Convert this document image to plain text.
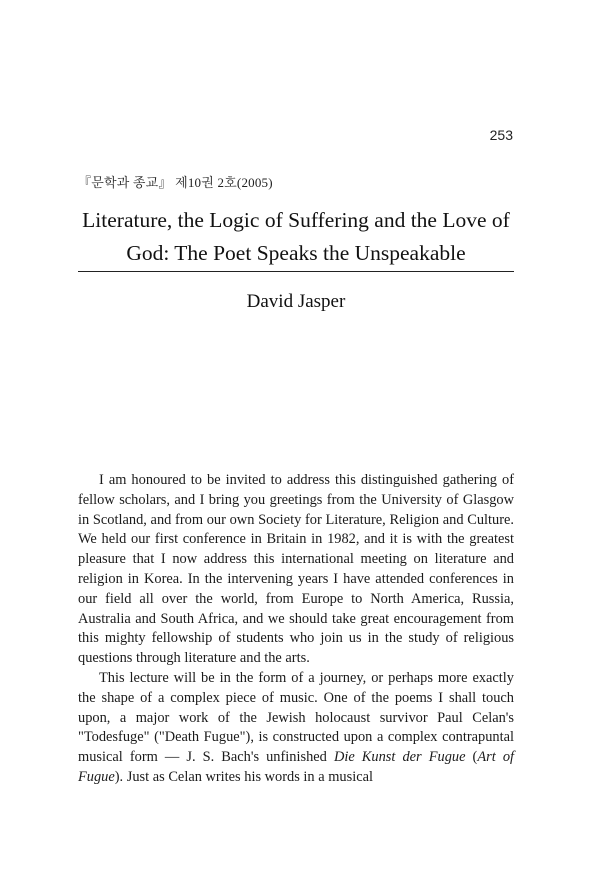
253
『문학과 종교』 제10권 2호(2005)
Literature, the Logic of Suffering and the Love of God: The Poet Speaks the Unspeakable
David Jasper

I am honoured to be invited to address this distinguished gathering of fellow scholars, and I bring you greetings from the University of Glasgow in Scotland, and from our own Society for Literature, Religion and Culture. We held our first conference in Britain in 1982, and it is with the greatest pleasure that I now address this international meeting on literature and religion in Korea. In the intervening years I have attended conferences in our field all over the world, from Europe to North America, Russia, Australia and South Africa, and we should take great encouragement from this mighty fellowship of students who join us in the study of religious questions through literature and the arts.

This lecture will be in the form of a journey, or perhaps more exactly the shape of a complex piece of music. One of the poems I shall touch upon, a major work of the Jewish holocaust survivor Paul Celan's "Todesfuge" ("Death Fugue"), is constructed upon a complex contrapuntal musical form — J. S. Bach's unfinished Die Kunst der Fugue (Art of Fugue). Just as Celan writes his words in a musical
